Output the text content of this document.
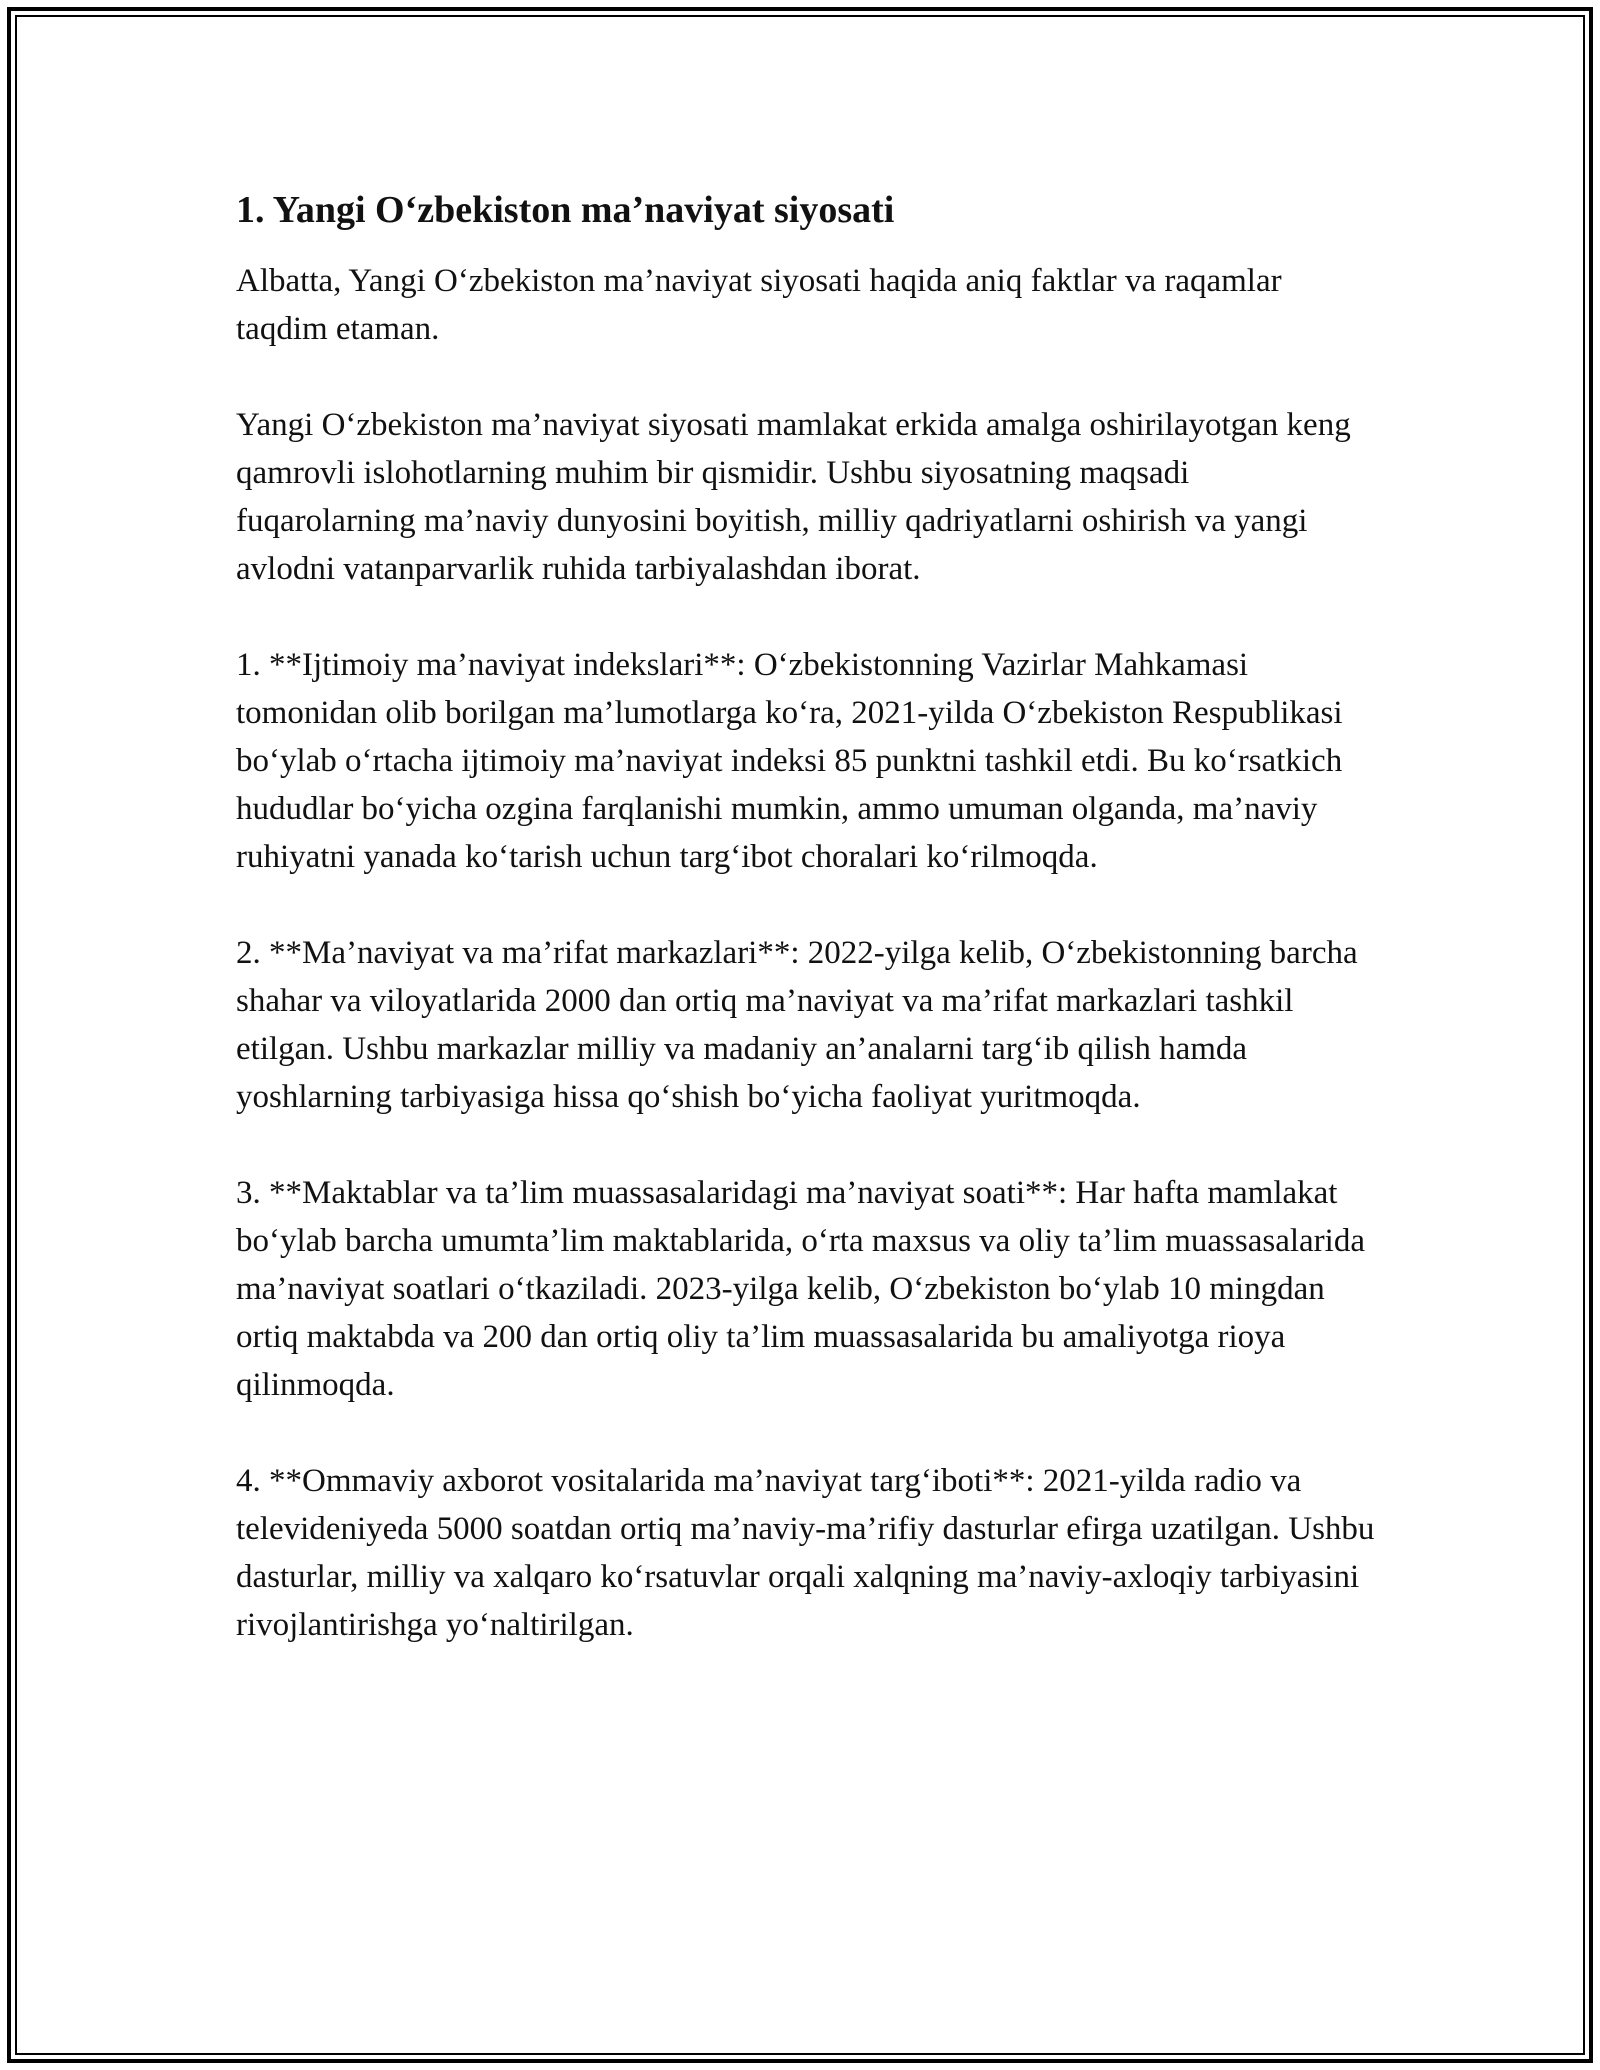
1. Yangi O‘zbekiston ma’naviyat siyosati

Albatta, Yangi O‘zbekiston ma’naviyat siyosati haqida aniq faktlar va raqamlar taqdim etaman.

Yangi O‘zbekiston ma’naviyat siyosati mamlakat erkida amalga oshirilayotgan keng qamrovli islohotlarning muhim bir qismidir. Ushbu siyosatning maqsadi fuqarolarning ma’naviy dunyosini boyitish, milliy qadriyatlarni oshirish va yangi avlodni vatanparvarlik ruhida tarbiyalashdan iborat.

1. **Ijtimoiy ma’naviyat indekslari**: O‘zbekistonning Vazirlar Mahkamasi tomonidan olib borilgan ma’lumotlarga ko‘ra, 2021-yilda O‘zbekiston Respublikasi bo‘ylab o‘rtacha ijtimoiy ma’naviyat indeksi 85 punktni tashkil etdi. Bu ko‘rsatkich hududlar bo‘yicha ozgina farqlanishi mumkin, ammo umuman olganda, ma’naviy ruhiyatni yanada ko‘tarish uchun targ‘ibot choralari ko‘rilmoqda.

2. **Ma’naviyat va ma’rifat markazlari**: 2022-yilga kelib, O‘zbekistonning barcha shahar va viloyatlarida 2000 dan ortiq ma’naviyat va ma’rifat markazlari tashkil etilgan. Ushbu markazlar milliy va madaniy an’analarni targ‘ib qilish hamda yoshlarning tarbiyasiga hissa qo‘shish bo‘yicha faoliyat yuritmoqda.

3. **Maktablar va ta’lim muassasalaridagi ma’naviyat soati**: Har hafta mamlakat bo‘ylab barcha umumta’lim maktablarida, o‘rta maxsus va oliy ta’lim muassasalarida ma’naviyat soatlari o‘tkaziladi. 2023-yilga kelib, O‘zbekiston bo‘ylab 10 mingdan ortiq maktabda va 200 dan ortiq oliy ta’lim muassasalarida bu amaliyotga rioya qilinmoqda.

4. **Ommaviy axborot vositalarida ma’naviyat targ‘iboti**: 2021-yilda radio va televideniyeda 5000 soatdan ortiq ma’naviy-ma’rifiy dasturlar efirga uzatilgan. Ushbu dasturlar, milliy va xalqaro ko‘rsatuvlar orqali xalqning ma’naviy-axloqiy tarbiyasini rivojlantirishga yo‘naltirilgan.
